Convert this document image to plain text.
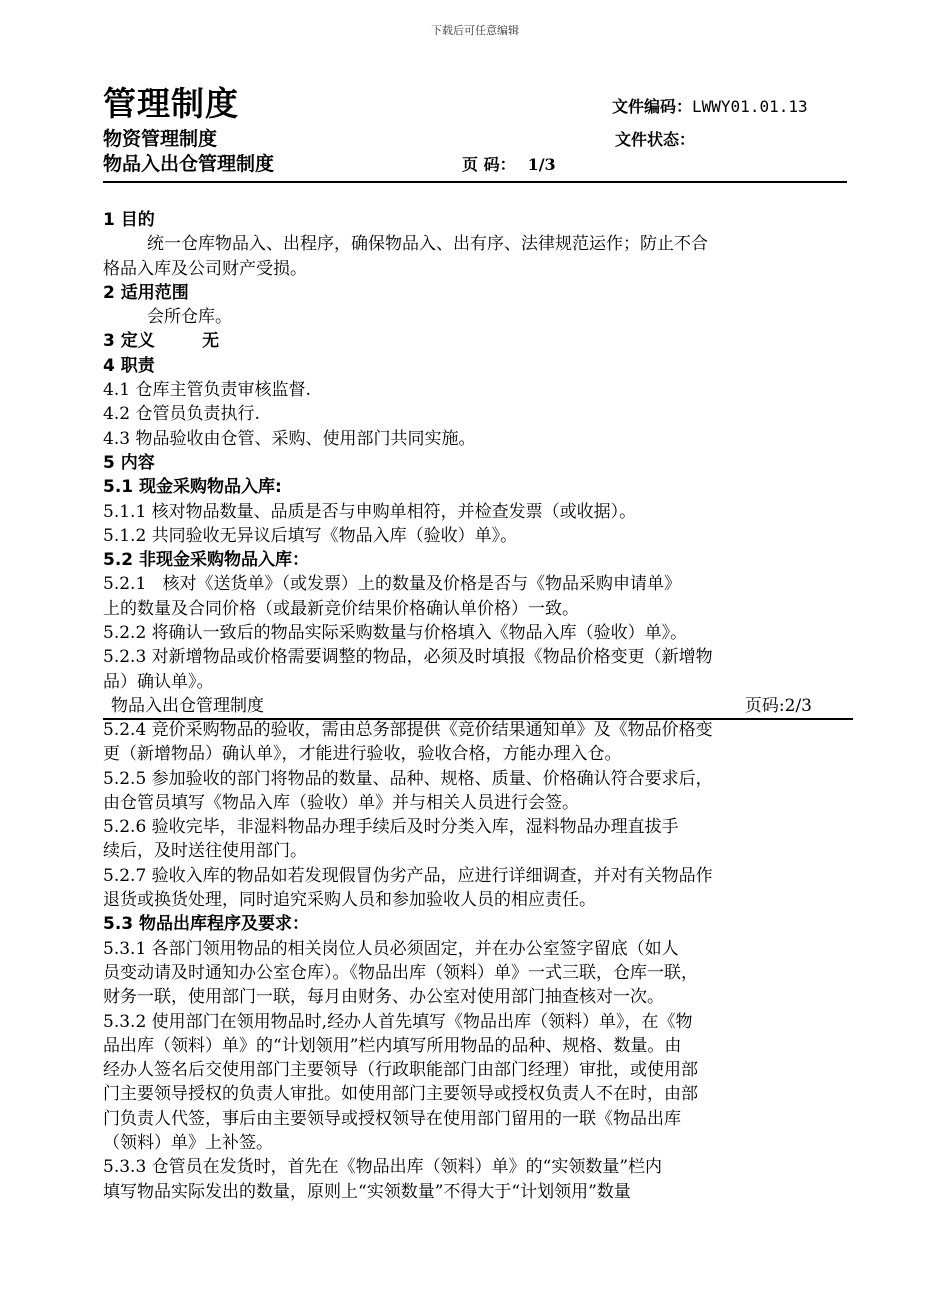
下载后可任意编辑
管理制度	文件编码：LWWY01.01.13
物资管理制度	文件状态：
物品入出仓管理制度	页 码： 1/3
1 目的
统一仓库物品入、出程序，确保物品入、出有序、法律规范运作；防止不合
格品入库及公司财产受损。
2 适用范围
会所仓库。
3 定义        无
4 职责
4.1 仓库主管负责审核监督.
4.2 仓管员负责执行.
4.3 物品验收由仓管、采购、使用部门共同实施。
5 内容
5.1 现金采购物品入库:
5.1.1 核对物品数量、品质是否与申购单相符，并检查发票（或收据）。
5.1.2 共同验收无异议后填写《物品入库（验收）单》。
5.2 非现金采购物品入库：
5.2.1   核对《送货单》（或发票）上的数量及价格是否与《物品采购申请单》
上的数量及合同价格（或最新竞价结果价格确认单价格）一致。
5.2.2 将确认一致后的物品实际采购数量与价格填入《物品入库（验收）单》。
5.2.3 对新增物品或价格需要调整的物品，必须及时填报《物品价格变更（新增物
品）确认单》。
物品入出仓管理制度	页码:2/3
5.2.4 竞价采购物品的验收，需由总务部提供《竞价结果通知单》及《物品价格变
更（新增物品）确认单》，才能进行验收，验收合格，方能办理入仓。
5.2.5 参加验收的部门将物品的数量、品种、规格、质量、价格确认符合要求后，
由仓管员填写《物品入库（验收）单》并与相关人员进行会签。
5.2.6 验收完毕，非湿料物品办理手续后及时分类入库，湿料物品办理直拔手
续后，及时送往使用部门。
5.2.7 验收入库的物品如若发现假冒伪劣产品，应进行详细调查，并对有关物品作
退货或换货处理，同时追究采购人员和参加验收人员的相应责任。
5.3 物品出库程序及要求：
5.3.1 各部门领用物品的相关岗位人员必须固定，并在办公室签字留底（如人
员变动请及时通知办公室仓库）。《物品出库（领料）单》一式三联，仓库一联，
财务一联，使用部门一联，每月由财务、办公室对使用部门抽查核对一次。
5.3.2 使用部门在领用物品时,经办人首先填写《物品出库（领料）单》，在《物
品出库（领料）单》的“计划领用”栏内填写所用物品的品种、规格、数量。由
经办人签名后交使用部门主要领导（行政职能部门由部门经理）审批，或使用部
门主要领导授权的负责人审批。如使用部门主要领导或授权负责人不在时，由部
门负责人代签，事后由主要领导或授权领导在使用部门留用的一联《物品出库
（领料）单》上补签。
5.3.3 仓管员在发货时，首先在《物品出库（领料）单》的“实领数量”栏内
填写物品实际发出的数量，原则上“实领数量”不得大于“计划领用”数量
